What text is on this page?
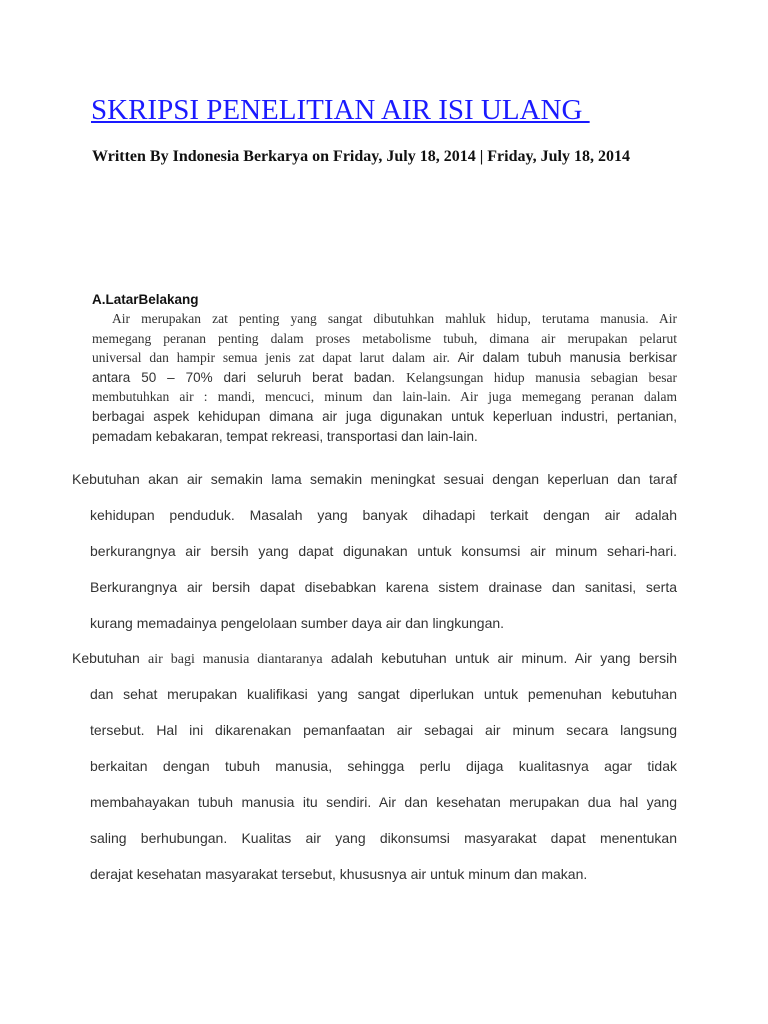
SKRIPSI PENELITIAN AIR ISI ULANG

Written By Indonesia Berkarya on Friday, July 18, 2014 | Friday, July 18, 2014

A.LatarBelakang
Air merupakan zat penting yang sangat dibutuhkan mahluk hidup, terutama manusia. Air
memegang peranan penting dalam proses metabolisme tubuh, dimana air merupakan pelarut
universal dan hampir semua jenis zat dapat larut dalam air. Air dalam tubuh manusia berkisar
antara 50 – 70% dari seluruh berat badan. Kelangsungan hidup manusia sebagian besar
membutuhkan air : mandi, mencuci, minum dan lain-lain. Air juga memegang peranan dalam
berbagai aspek kehidupan dimana air juga digunakan untuk keperluan industri, pertanian,
pemadam kebakaran, tempat rekreasi, transportasi dan lain-lain.
Kebutuhan akan air semakin lama semakin meningkat sesuai dengan keperluan dan taraf
kehidupan penduduk. Masalah yang banyak dihadapi terkait dengan air adalah
berkurangnya air bersih yang dapat digunakan untuk konsumsi air minum sehari-hari.
Berkurangnya air bersih dapat disebabkan karena sistem drainase dan sanitasi, serta
kurang memadainya pengelolaan sumber daya air dan lingkungan.
Kebutuhan air bagi manusia diantaranya adalah kebutuhan untuk air minum. Air yang bersih
dan sehat merupakan kualifikasi yang sangat diperlukan untuk pemenuhan kebutuhan
tersebut. Hal ini dikarenakan pemanfaatan air sebagai air minum secara langsung
berkaitan dengan tubuh manusia, sehingga perlu dijaga kualitasnya agar tidak
membahayakan tubuh manusia itu sendiri. Air dan kesehatan merupakan dua hal yang
saling berhubungan. Kualitas air yang dikonsumsi masyarakat dapat menentukan
derajat kesehatan masyarakat tersebut, khususnya air untuk minum dan makan.
